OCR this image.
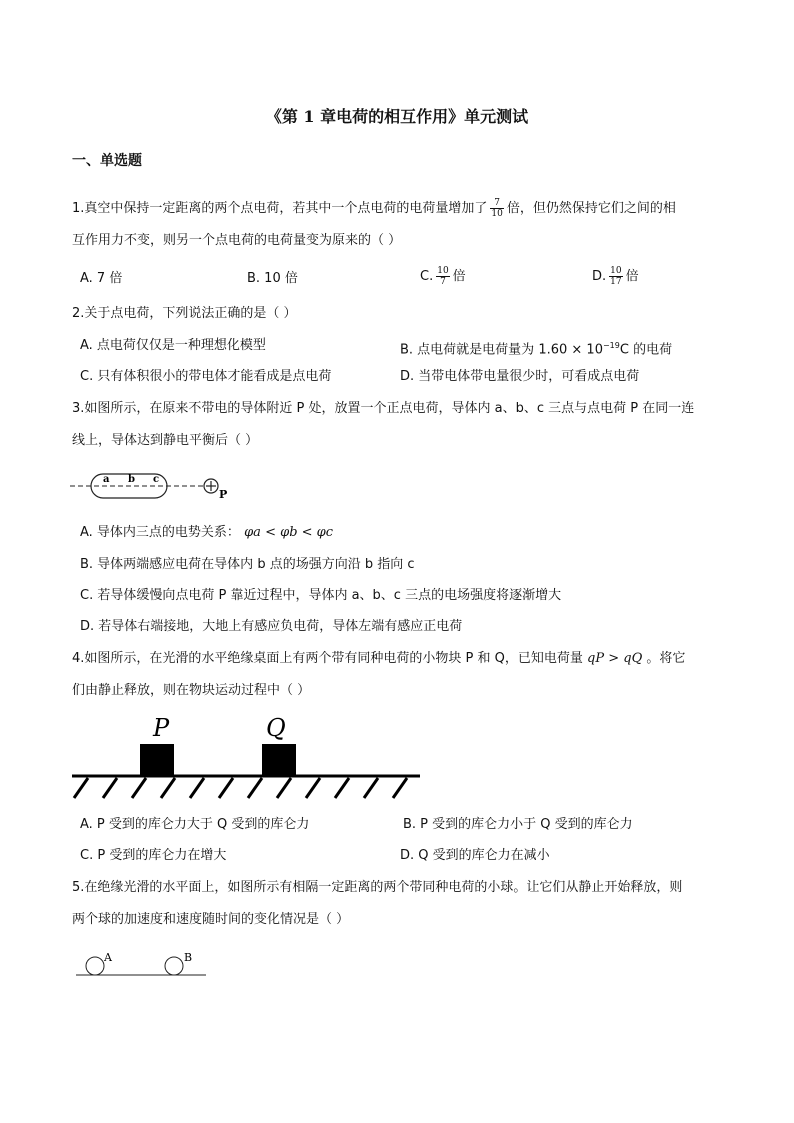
《第 1 章电荷的相互作用》单元测试
一、单选题
1.真空中保持一定距离的两个点电荷，若其中一个点电荷的电荷量增加了 $\frac{7}{10}$ 倍，但仍然保持它们之间的相
互作用力不变，则另一个点电荷的电荷量变为原来的（ ）
A. 7 倍	B. 10 倍	C. $\frac{10}{7}$ 倍	D. $\frac{10}{17}$ 倍
2.关于点电荷，下列说法正确的是（ ）
A. 点电荷仅仅是一种理想化模型	B. 点电荷就是电荷量为 $1.60 \times 10^{-19}C$ 的电荷
C. 只有体积很小的带电体才能看成是点电荷	D. 当带电体带电量很少时，可看成点电荷
3.如图所示，在原来不带电的导体附近 P 处，放置一个正点电荷，导体内 a、b、c 三点与点电荷 P 在同一连
线上，导体达到静电平衡后（ ）
a b c
P
A. 导体内三点的电势关系： φa < φb < φc
B. 导体两端感应电荷在导体内 b 点的场强方向沿 b 指向 c
C. 若导体缓慢向点电荷 P 靠近过程中，导体内 a、b、c 三点的电场强度将逐渐增大
D. 若导体右端接地，大地上有感应负电荷，导体左端有感应正电荷
4.如图所示，在光滑的水平绝缘桌面上有两个带有同种电荷的小物块 P 和 Q，已知电荷量 qP > qQ 。将它
们由静止释放，则在物块运动过程中（ ）
P	Q
A. P 受到的库仑力大于 Q 受到的库仑力	B. P 受到的库仑力小于 Q 受到的库仑力
C. P 受到的库仑力在增大	D. Q 受到的库仑力在减小
5.在绝缘光滑的水平面上，如图所示有相隔一定距离的两个带同种电荷的小球。让它们从静止开始释放，则
两个球的加速度和速度随时间的变化情况是（ ）
A	B
